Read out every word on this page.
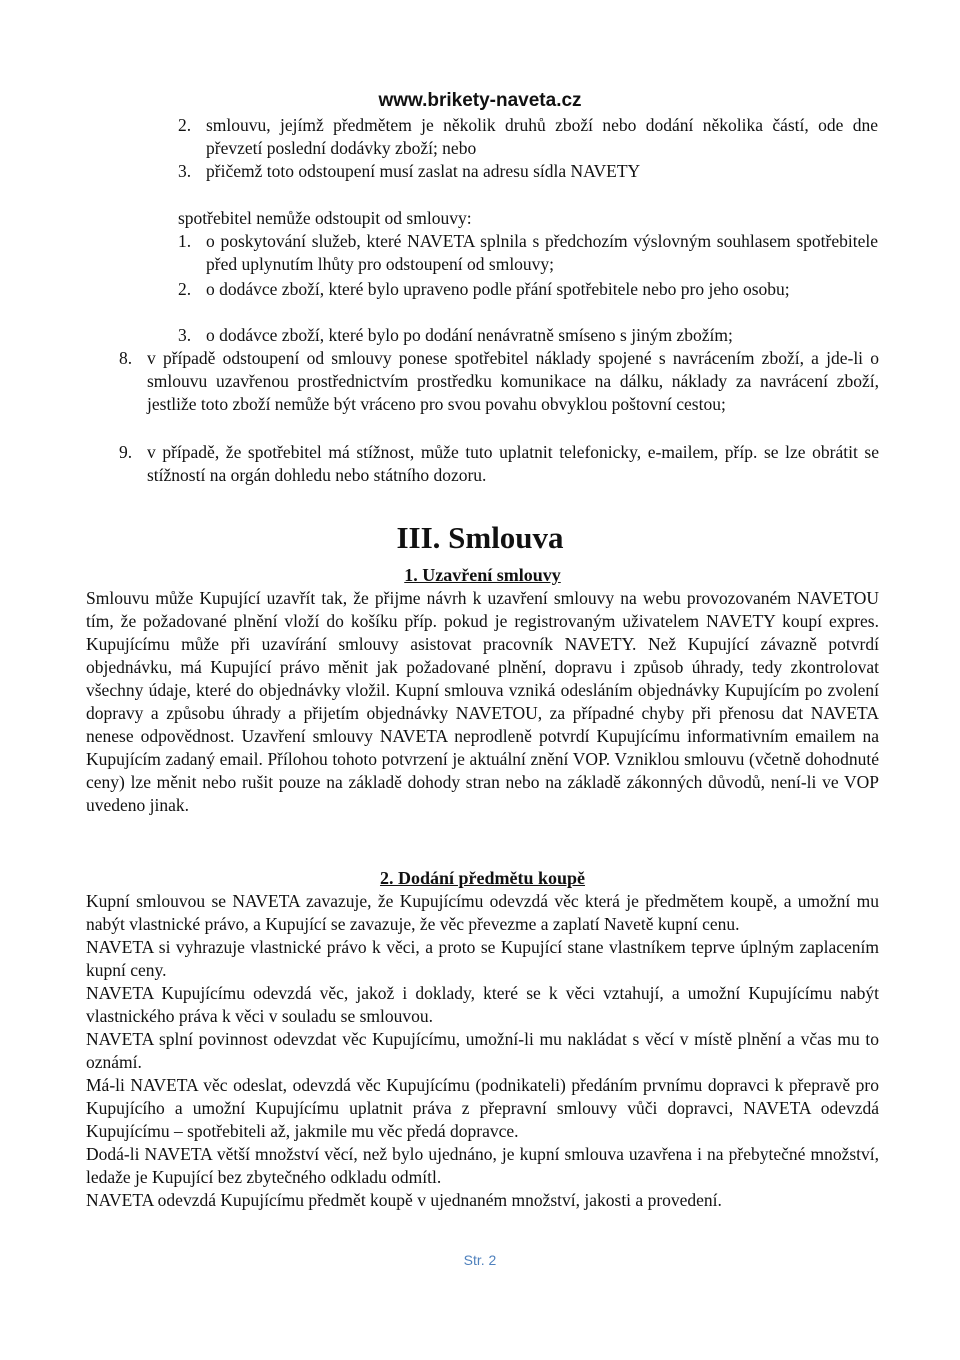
www.brikety-naveta.cz
2. smlouvu, jejímž předmětem je několik druhů zboží nebo dodání několika částí, ode dne převzetí poslední dodávky zboží; nebo
3. přičemž toto odstoupení musí zaslat na adresu sídla NAVETY
spotřebitel nemůže odstoupit od smlouvy:
1. o poskytování služeb, které NAVETA splnila s předchozím výslovným souhlasem spotřebitele před uplynutím lhůty pro odstoupení od smlouvy;
2. o dodávce zboží, které bylo upraveno podle přání spotřebitele nebo pro jeho osobu;
3. o dodávce zboží, které bylo po dodání nenávratně smíseno s jiným zbožím;
8. v případě odstoupení od smlouvy ponese spotřebitel náklady spojené s navrácením zboží, a jde-li o smlouvu uzavřenou prostřednictvím prostředku komunikace na dálku, náklady za navrácení zboží, jestliže toto zboží nemůže být vráceno pro svou povahu obvyklou poštovní cestou;
9. v případě, že spotřebitel má stížnost, může tuto uplatnit telefonicky, e-mailem, příp. se lze obrátit se stížností na orgán dohledu nebo státního dozoru.
III. Smlouva
1. Uzavření smlouvy

Smlouvu může Kupující uzavřít tak, že přijme návrh k uzavření smlouvy na webu provozovaném NAVETOU tím, že požadované plnění vloží do košíku příp. pokud je registrovaným uživatelem NAVETY koupí expres. Kupujícímu může při uzavírání smlouvy asistovat pracovník NAVETY. Než Kupující závazně potvrdí objednávku, má Kupující právo měnit jak požadované plnění, dopravu i způsob úhrady, tedy zkontrolovat všechny údaje, které do objednávky vložil. Kupní smlouva vzniká odesláním objednávky Kupujícím po zvolení dopravy a způsobu úhrady a přijetím objednávky NAVETOU, za případné chyby při přenosu dat NAVETA nenese odpovědnost. Uzavření smlouvy NAVETA neprodleně potvrdí Kupujícímu informativním emailem na Kupujícím zadaný email. Přílohou tohoto potvrzení je aktuální znění VOP. Vzniklou smlouvu (včetně dohodnuté ceny) lze měnit nebo rušit pouze na základě dohody stran nebo na základě zákonných důvodů, není-li ve VOP uvedeno jinak.

2. Dodání předmětu koupě

Kupní smlouvou se NAVETA zavazuje, že Kupujícímu odevzdá věc která je předmětem koupě, a umožní mu nabýt vlastnické právo, a Kupující se zavazuje, že věc převezme a zaplatí Navetě kupní cenu.

NAVETA si vyhrazuje vlastnické právo k věci, a proto se Kupující stane vlastníkem teprve úplným zaplacením kupní ceny.

NAVETA Kupujícímu odevzdá věc, jakož i doklady, které se k věci vztahují, a umožní Kupujícímu nabýt vlastnického práva k věci v souladu se smlouvou.

NAVETA splní povinnost odevzdat věc Kupujícímu, umožní-li mu nakládat s věcí v místě plnění a včas mu to oznámí.

Má-li NAVETA věc odeslat, odevzdá věc Kupujícímu (podnikateli) předáním prvnímu dopravci k přepravě pro Kupujícího a umožní Kupujícímu uplatnit práva z přepravní smlouvy vůči dopravci, NAVETA odevzdá Kupujícímu – spotřebiteli až, jakmile mu věc předá dopravce.

Dodá-li NAVETA větší množství věcí, než bylo ujednáno, je kupní smlouva uzavřena i na přebytečné množství, ledaže je Kupující bez zbytečného odkladu odmítl.

NAVETA odevzdá Kupujícímu předmět koupě v ujednaném množství, jakosti a provedení.

Str. 2
